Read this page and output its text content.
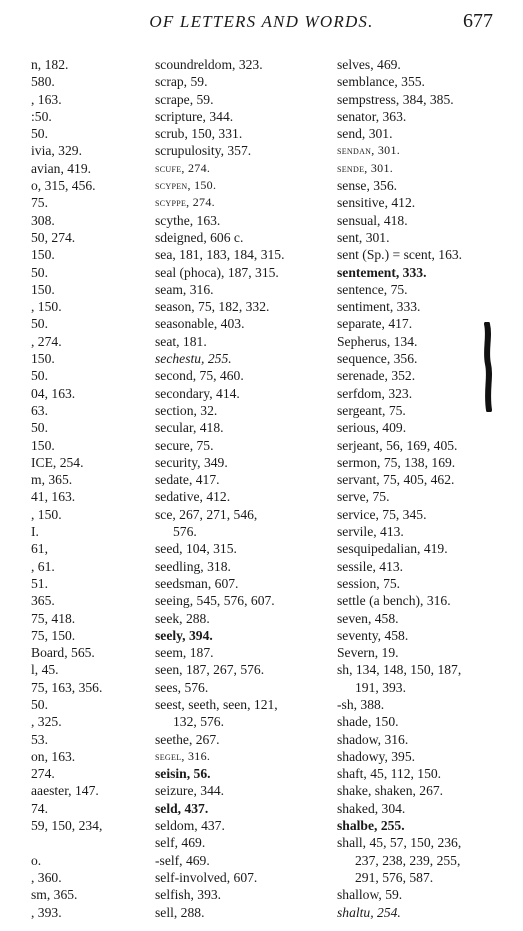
OF LETTERS AND WORDS.	677
n, 182.
580.
, 163.
:50.
50.
ivia, 329.
avian, 419.
o, 315, 456.
75.
308.
50, 274.
150.
50.
150.
, 150.
50.
, 274.
150.
50.
04, 163.
63.
50.
150.
ICE, 254.
m, 365.
41, 163.
, 150.
I.
61,
, 61.
51.
365.
75, 418.
75, 150.
Board, 565.
l, 45.
75, 163, 356.
50.
, 325.
53.
on, 163.
274.
aaester, 147.
74.
59, 150, 234,
o.
, 360.
sm, 365.
, 393.
scoundreldom, 323.
scrap, 59.
scrape, 59.
scripture, 344.
scrub, 150, 331.
scrupulosity, 357.
scufe, 274.
scypen, 150.
scyppe, 274.
scythe, 163.
sdeigned, 606 c.
sea, 181, 183, 184, 315.
seal (phoca), 187, 315.
seam, 316.
season, 75, 182, 332.
seasonable, 403.
seat, 181.
sechestu, 255.
second, 75, 460.
secondary, 414.
section, 32.
secular, 418.
secure, 75.
security, 349.
sedate, 417.
sedative, 412.
sce, 267, 271, 546,
576.
seed, 104, 315.
seedling, 318.
seedsman, 607.
seeing, 545, 576, 607.
seek, 288.
seely, 394.
seem, 187.
seen, 187, 267, 576.
sees, 576.
seest, seeth, seen, 121,
132, 576.
seethe, 267.
segel, 316.
seisin, 56.
seizure, 344.
seld, 437.
seldom, 437.
self, 469.
-self, 469.
self-involved, 607.
selfish, 393.
sell, 288.
selves, 469.
semblance, 355.
sempstress, 384, 385.
senator, 363.
send, 301.
sendan, 301.
sende, 301.
sense, 356.
sensitive, 412.
sensual, 418.
sent, 301.
sent (Sp.) = scent, 163.
sentement, 333.
sentence, 75.
sentiment, 333.
separate, 417.
Sepherus, 134.
sequence, 356.
serenade, 352.
serfdom, 323.
sergeant, 75.
serious, 409.
serjeant, 56, 169, 405.
sermon, 75, 138, 169.
servant, 75, 405, 462.
serve, 75.
service, 75, 345.
servile, 413.
sesquipedalian, 419.
sessile, 413.
session, 75.
settle (a bench), 316.
seven, 458.
seventy, 458.
Severn, 19.
sh, 134, 148, 150, 187,
191, 393.
-sh, 388.
shade, 150.
shadow, 316.
shadowy, 395.
shaft, 45, 112, 150.
shake, shaken, 267.
shaked, 304.
shalbe, 255.
shall, 45, 57, 150, 236,
237, 238, 239, 255,
291, 576, 587.
shallow, 59.
shaltu, 254.
